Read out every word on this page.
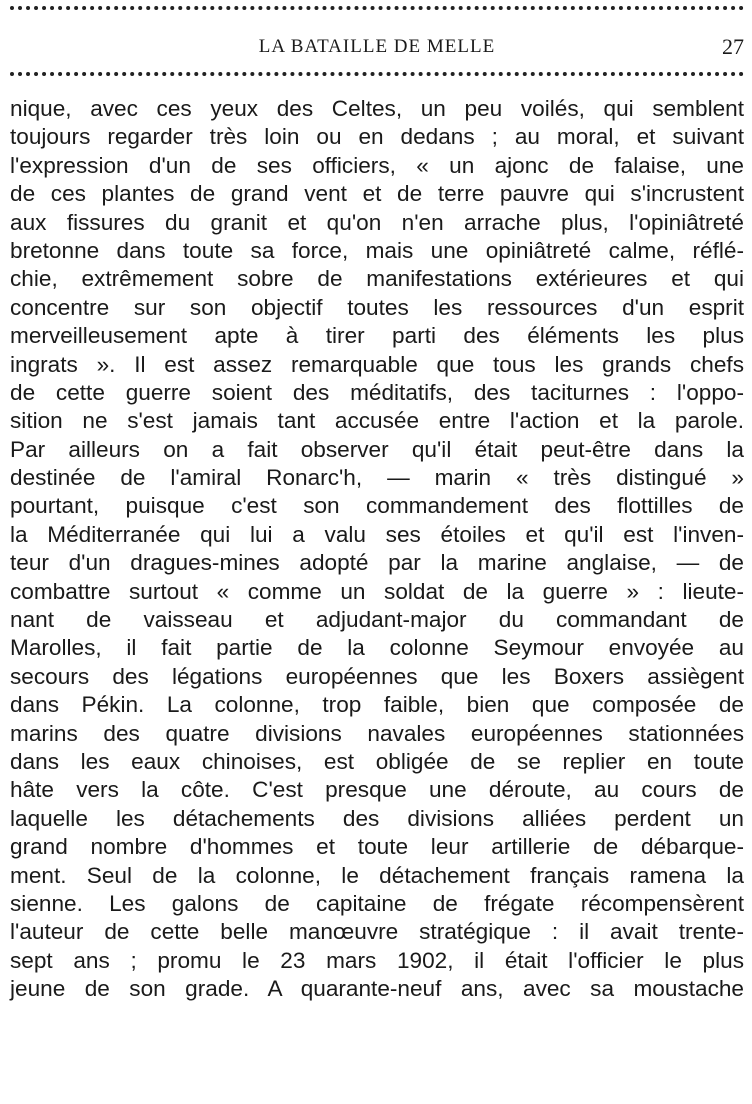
LA BATAILLE DE MELLE	27
nique, avec ces yeux des Celtes, un peu voilés, qui semblent
toujours regarder très loin ou en dedans ; au moral, et suivant
l'expression d'un de ses officiers, « un ajonc de falaise, une
de ces plantes de grand vent et de terre pauvre qui s'incrustent
aux fissures du granit et qu'on n'en arrache plus, l'opiniâtreté
bretonne dans toute sa force, mais une opiniâtreté calme, réflé-
chie, extrêmement sobre de manifestations extérieures et qui
concentre sur son objectif toutes les ressources d'un esprit
merveilleusement apte à tirer parti des éléments les plus
ingrats ». Il est assez remarquable que tous les grands chefs
de cette guerre soient des méditatifs, des taciturnes : l'oppo-
sition ne s'est jamais tant accusée entre l'action et la parole.
Par ailleurs on a fait observer qu'il était peut-être dans la
destinée de l'amiral Ronarc'h, — marin « très distingué »
pourtant, puisque c'est son commandement des flottilles de
la Méditerranée qui lui a valu ses étoiles et qu'il est l'inven-
teur d'un dragues-mines adopté par la marine anglaise, — de
combattre surtout « comme un soldat de la guerre » : lieute-
nant de vaisseau et adjudant-major du commandant de
Marolles, il fait partie de la colonne Seymour envoyée au
secours des légations européennes que les Boxers assiègent
dans Pékin. La colonne, trop faible, bien que composée de
marins des quatre divisions navales européennes stationnées
dans les eaux chinoises, est obligée de se replier en toute
hâte vers la côte. C'est presque une déroute, au cours de
laquelle les détachements des divisions alliées perdent un
grand nombre d'hommes et toute leur artillerie de débarque-
ment. Seul de la colonne, le détachement français ramena la
sienne. Les galons de capitaine de frégate récompensèrent
l'auteur de cette belle manœuvre stratégique : il avait trente-
sept ans ; promu le 23 mars 1902, il était l'officier le plus
jeune de son grade. A quarante-neuf ans, avec sa moustache
